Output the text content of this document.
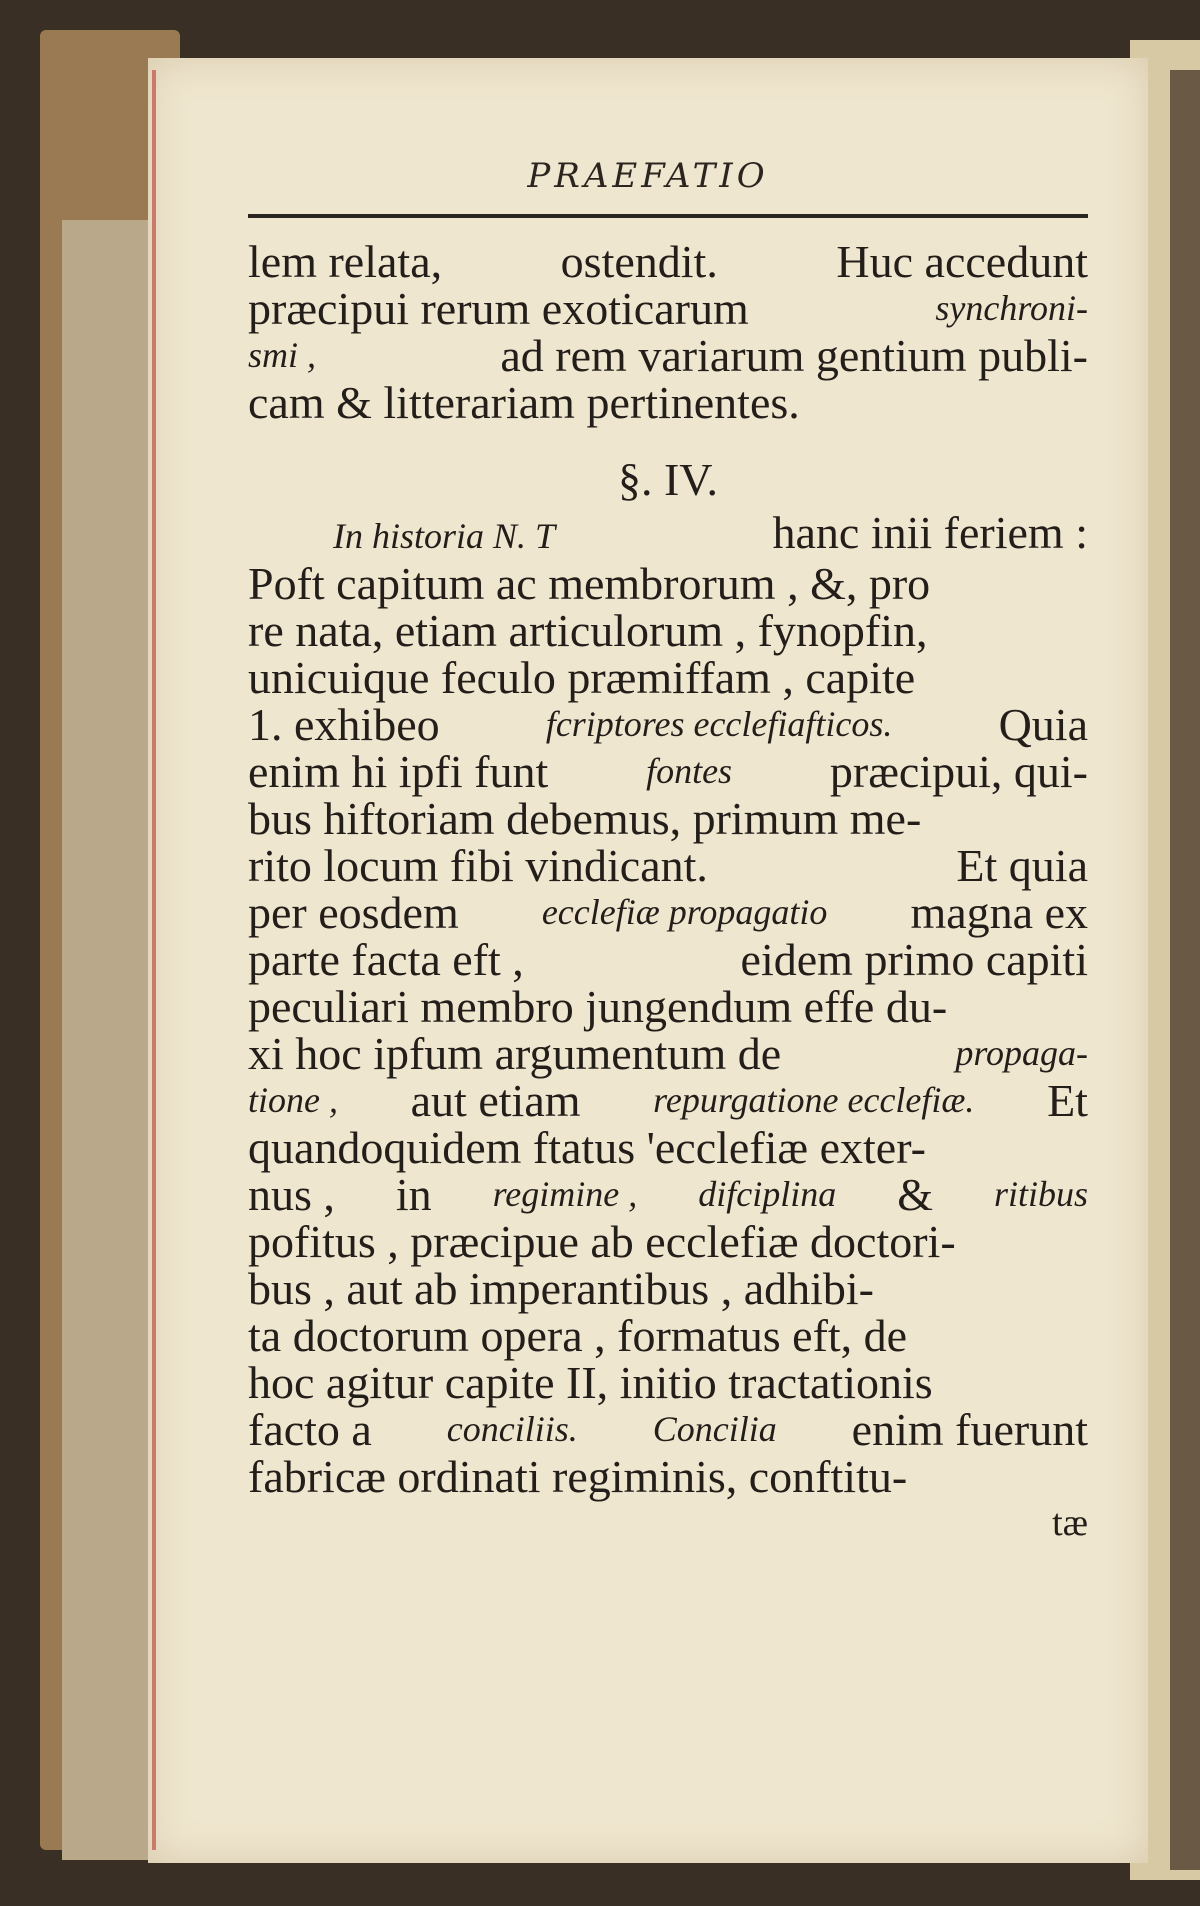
PRAEFATIO
lem relata,	ostendit.	Huc accedunt
præcipui rerum exoticarum	synchroni-
smi ,	ad rem variarum gentium publi-
cam & litterariam pertinentes.
§. IV.
In historia N. T	hanc inii feriem :
Poft capitum ac membrorum , &, pro
re nata, etiam articulorum , fynopfin,
unicuique feculo præmiffam , capite
1. exhibeo	fcriptores ecclefiafticos. Quia
enim hi ipfi funt	fontes præcipui, qui-
bus hiftoriam debemus, primum me-
rito locum fibi vindicant.	Et quia
per eosdem ecclefiæ propagatio magna ex
parte facta eft ,	eidem primo capiti
peculiari membro jungendum effe du-
xi hoc ipfum argumentum de	propaga-
tione , aut etiam repurgatione ecclefiæ. Et
quandoquidem ftatus 'ecclefiæ exter-
nus , in regimine , difciplina & ritibus
pofitus , præcipue ab ecclefiæ doctori-
bus , aut ab imperantibus , adhibi-
ta doctorum opera , formatus eft, de
hoc agitur capite II, initio tractationis
facto a conciliis. Concilia enim fuerunt
fabricæ ordinati regiminis, conftitu-
tæ
